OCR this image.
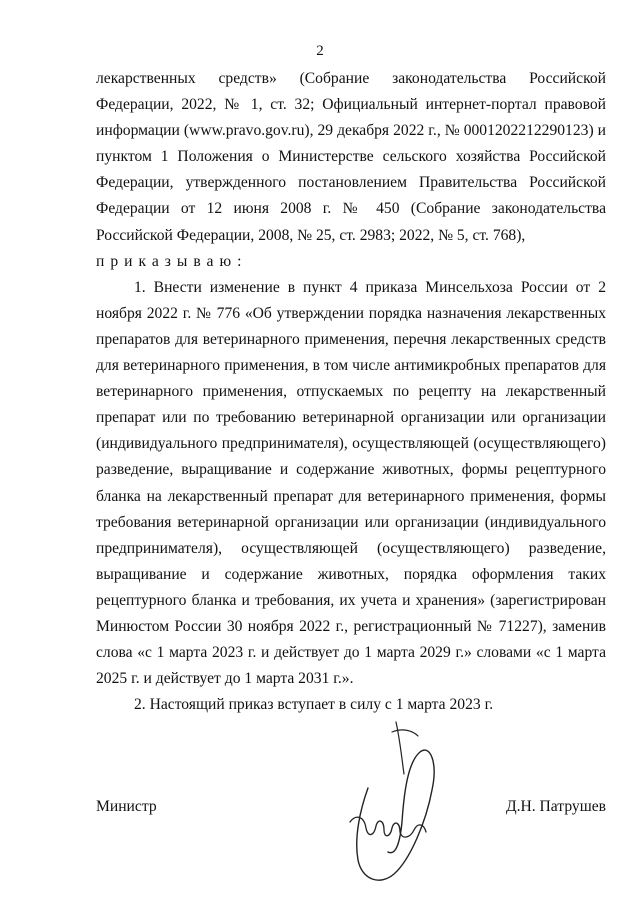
2

лекарственных средств» (Собрание законодательства Российской Федерации, 2022, № 1, ст. 32; Официальный интернет-портал правовой информации (www.pravo.gov.ru), 29 декабря 2022 г., № 0001202212290123) и пунктом 1 Положения о Министерстве сельского хозяйства Российской Федерации, утвержденного постановлением Правительства Российской Федерации от 12 июня 2008 г. № 450 (Собрание законодательства Российской Федерации, 2008, № 25, ст. 2983; 2022, № 5, ст. 768),

приказываю:

1. Внести изменение в пункт 4 приказа Минсельхоза России от 2 ноября 2022 г. № 776 «Об утверждении порядка назначения лекарственных препаратов для ветеринарного применения, перечня лекарственных средств для ветеринарного применения, в том числе антимикробных препаратов для ветеринарного применения, отпускаемых по рецепту на лекарственный препарат или по требованию ветеринарной организации или организации (индивидуального предпринимателя), осуществляющей (осуществляющего) разведение, выращивание и содержание животных, формы рецептурного бланка на лекарственный препарат для ветеринарного применения, формы требования ветеринарной организации или организации (индивидуального предпринимателя), осуществляющей (осуществляющего) разведение, выращивание и содержание животных, порядка оформления таких рецептурного бланка и требования, их учета и хранения» (зарегистрирован Минюстом России 30 ноября 2022 г., регистрационный № 71227), заменив слова «с 1 марта 2023 г. и действует до 1 марта 2029 г.» словами «с 1 марта 2025 г. и действует до 1 марта 2031 г.».

2. Настоящий приказ вступает в силу с 1 марта 2023 г.

Министр	Д.Н. Патрушев
